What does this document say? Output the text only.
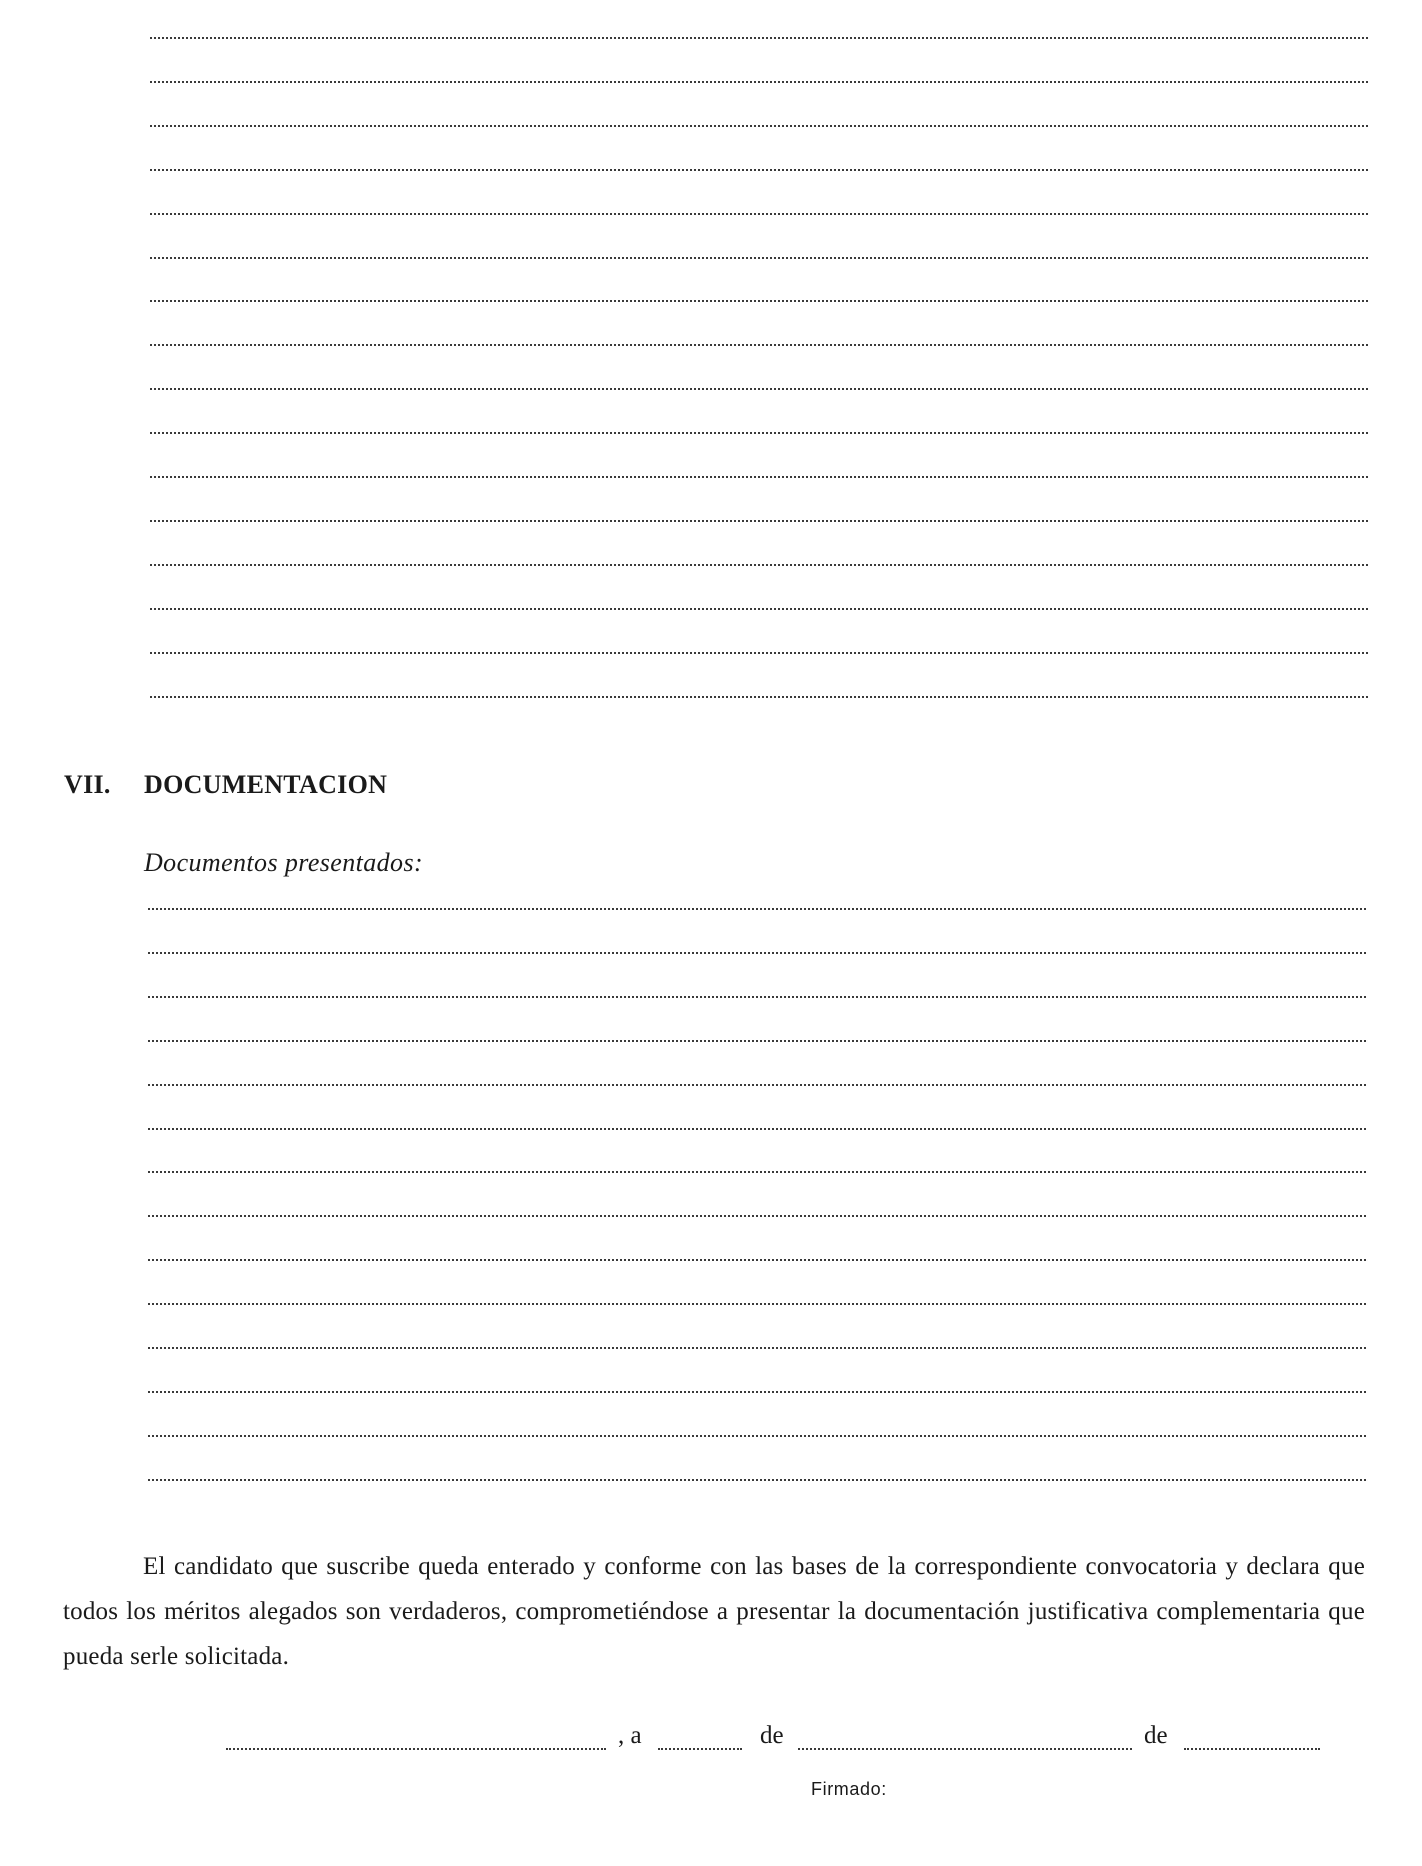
VII. DOCUMENTACION
Documentos presentados:
El candidato que suscribe queda enterado y conforme con las bases de la correspondiente convocatoria y declara que todos los méritos alegados son verdaderos, comprometiéndose a presentar la documentación justificativa complementaria que pueda serle solicitada.
, a	de	de
Firmado:
